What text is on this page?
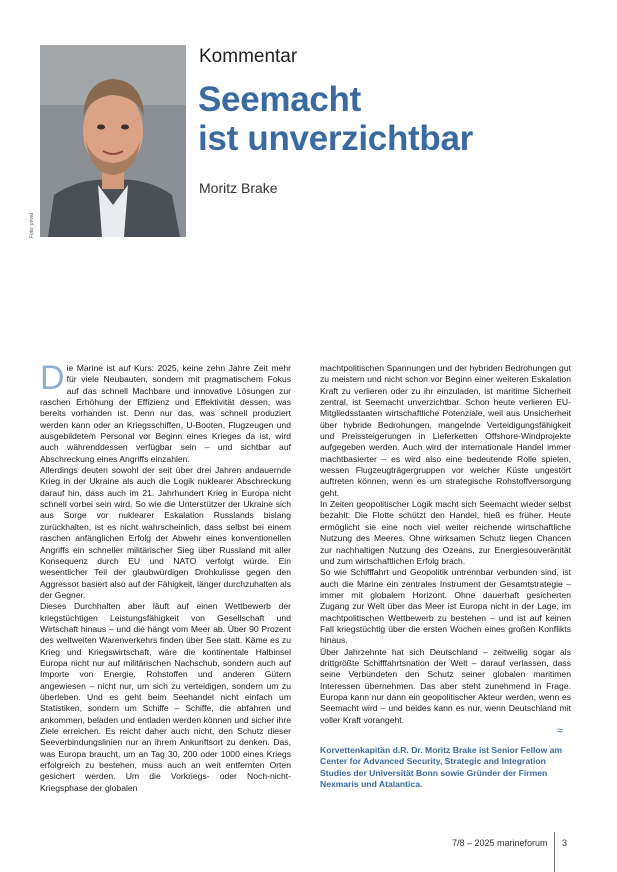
Foto: privat
Kommentar
Seemacht
ist unverzichtbar
Moritz Brake

Die Marine ist auf Kurs: 2025, keine zehn Jahre Zeit mehr für viele Neubauten, sondern mit pragmatischem Fokus auf das schnell Machbare und innovative Lösungen zur raschen Erhöhung der Effizienz und Effektivität dessen, was bereits vorhanden ist. Denn nur das, was schnell produziert werden kann oder an Kriegsschiffen, U-Booten, Flugzeugen und ausgebildetem Personal vor Beginn eines Krieges da ist, wird auch währenddessen verfügbar sein – und sichtbar auf Abschreckung eines Angriffs einzahlen.

Allerdings deuten sowohl der seit über drei Jahren andauernde Krieg in der Ukraine als auch die Logik nuklearer Abschreckung darauf hin, dass auch im 21. Jahrhundert Krieg in Europa nicht schnell vorbei sein wird. So wie die Unterstützer der Ukraine sich aus Sorge vor nuklearer Eskalation Russlands bislang zurückhalten, ist es nicht wahrscheinlich, dass selbst bei einem raschen anfänglichen Erfolg der Abwehr eines konventionellen Angriffs ein schneller militärischer Sieg über Russland mit aller Konsequenz durch EU und NATO verfolgt würde. Ein wesentlicher Teil der glaubwürdigen Drohkulisse gegen den Aggressor basiert also auf der Fähigkeit, länger durchzuhalten als der Gegner.

Dieses Durchhalten aber läuft auf einen Wettbewerb der kriegstüchtigen Leistungsfähigkeit von Gesellschaft und Wirtschaft hinaus – und die hängt vom Meer ab. Über 90 Prozent des weltweiten Warenverkehrs finden über See statt. Käme es zu Krieg und Kriegswirtschaft, wäre die kontinentale Halbinsel Europa nicht nur auf militärischen Nachschub, sondern auch auf Importe von Energie, Rohstoffen und anderen Gütern angewiesen – nicht nur, um sich zu verteidigen, sondern um zu überleben. Und es geht beim Seehandel nicht einfach um Statistiken, sondern um Schiffe – Schiffe, die abfahren und ankommen, beladen und entladen werden können und sicher ihre Ziele erreichen. Es reicht daher auch nicht, den Schutz dieser Seeverbindungslinien nur an ihrem Ankunftsort zu denken. Das, was Europa braucht, um an Tag 30, 200 oder 1000 eines Kriegs erfolgreich zu bestehen, muss auch an weit entfernten Orten gesichert werden. Um die Vorkriegs- oder Noch-nicht-Kriegsphase der globalen

machtpolitischen Spannungen und der hybriden Bedrohungen gut zu meistern und nicht schon vor Beginn einer weiteren Eskalation Kraft zu verlieren oder zu ihr einzuladen, ist maritime Sicherheit zentral, ist Seemacht unverzichtbar. Schon heute verlieren EU-Mitgliedsstaaten wirtschaftliche Potenziale, weil aus Unsicherheit über hybride Bedrohungen, mangelnde Verteidigungsfähigkeit und Preissteigerungen in Lieferketten Offshore-Windprojekte aufgegeben werden. Auch wird der internationale Handel immer machtbasierter – es wird also eine bedeutende Rolle spielen, wessen Flugzeugträgergruppen vor welcher Küste ungestört auftreten können, wenn es um strategische Rohstoffversorgung geht.

In Zeiten geopolitischer Logik macht sich Seemacht wieder selbst bezahlt: Die Flotte schützt den Handel, hieß es früher. Heute ermöglicht sie eine noch viel weiter reichende wirtschaftliche Nutzung des Meeres. Ohne wirksamen Schutz liegen Chancen zur nachhaltigen Nutzung des Ozeans, zur Energiesouveränität und zum wirtschaftlichen Erfolg brach.

So wie Schifffahrt und Geopolitik untrennbar verbunden sind, ist auch die Marine ein zentrales Instrument der Gesamtstrategie – immer mit globalem Horizont. Ohne dauerhaft gesicherten Zugang zur Welt über das Meer ist Europa nicht in der Lage, im machtpolitischen Wettbewerb zu bestehen – und ist auf keinen Fall kriegstüchtig über die ersten Wochen eines großen Konflikts hinaus.

Über Jahrzehnte hat sich Deutschland – zeitweilig sogar als drittgrößte Schifffahrtsnation der Welt – darauf verlassen, dass seine Verbündeten den Schutz seiner globalen maritimen Interessen übernehmen. Das aber steht zunehmend in Frage. Europa kann nur dann ein geopolitischer Akteur werden, wenn es Seemacht wird – und beides kann es nur, wenn Deutschland mit voller Kraft vorangeht.

≈
Korvettenkapitän d.R. Dr. Moritz Brake ist Senior Fellow am Center for Advanced Security, Strategic and Integration Studies der Universität Bonn sowie Gründer der Firmen Nexmaris und Atalantica.
7/8 – 2025 marineforum 3
